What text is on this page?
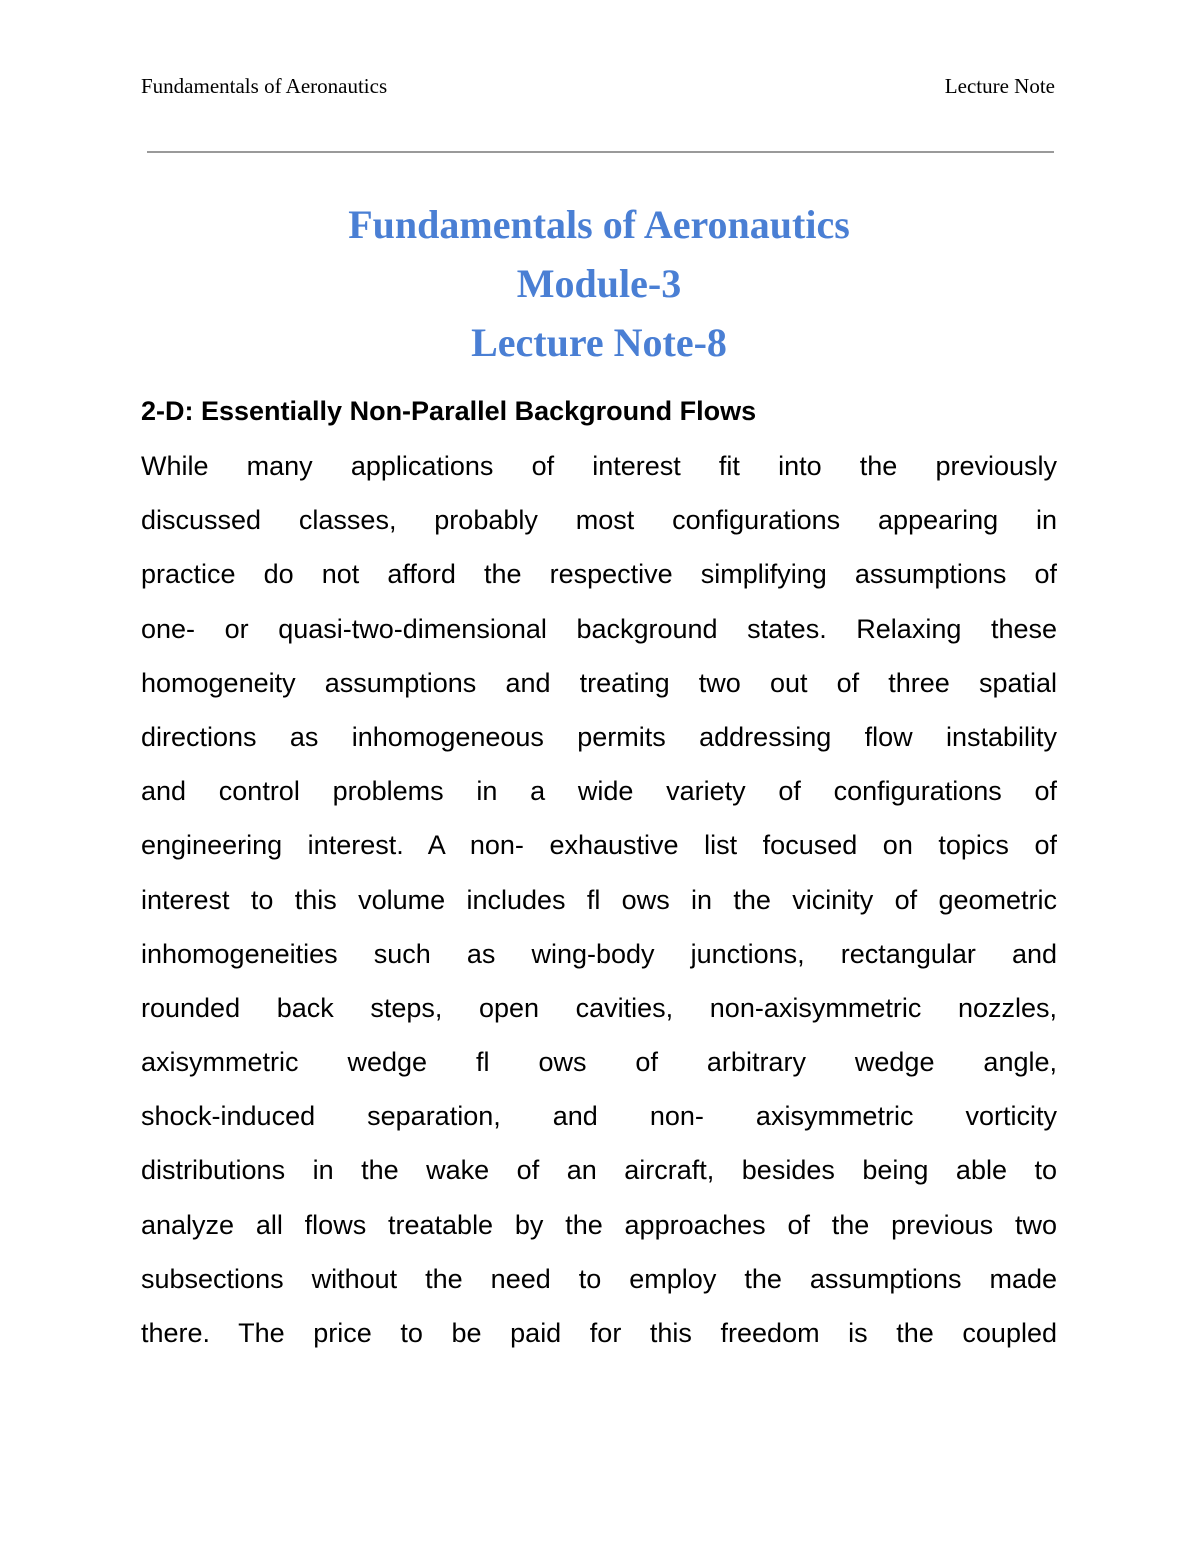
Fundamentals of Aeronautics	Lecture Note
Fundamentals of Aeronautics
Module-3
Lecture Note-8
2-D: Essentially Non-Parallel Background Flows
While many applications of interest fit into the previously
discussed classes, probably most configurations appearing in
practice do not afford the respective simplifying assumptions of
one- or quasi-two-dimensional background states. Relaxing these
homogeneity assumptions and treating two out of three spatial
directions as inhomogeneous permits addressing flow instability
and control problems in a wide variety of configurations of
engineering interest. A non- exhaustive list focused on topics of
interest to this volume includes fl ows in the vicinity of geometric
inhomogeneities such as wing-body junctions, rectangular and
rounded back steps, open cavities, non-axisymmetric nozzles,
axisymmetric wedge fl ows of arbitrary wedge angle,
shock-induced separation, and non- axisymmetric vorticity
distributions in the wake of an aircraft, besides being able to
analyze all flows treatable by the approaches of the previous two
subsections without the need to employ the assumptions made
there. The price to be paid for this freedom is the coupled
